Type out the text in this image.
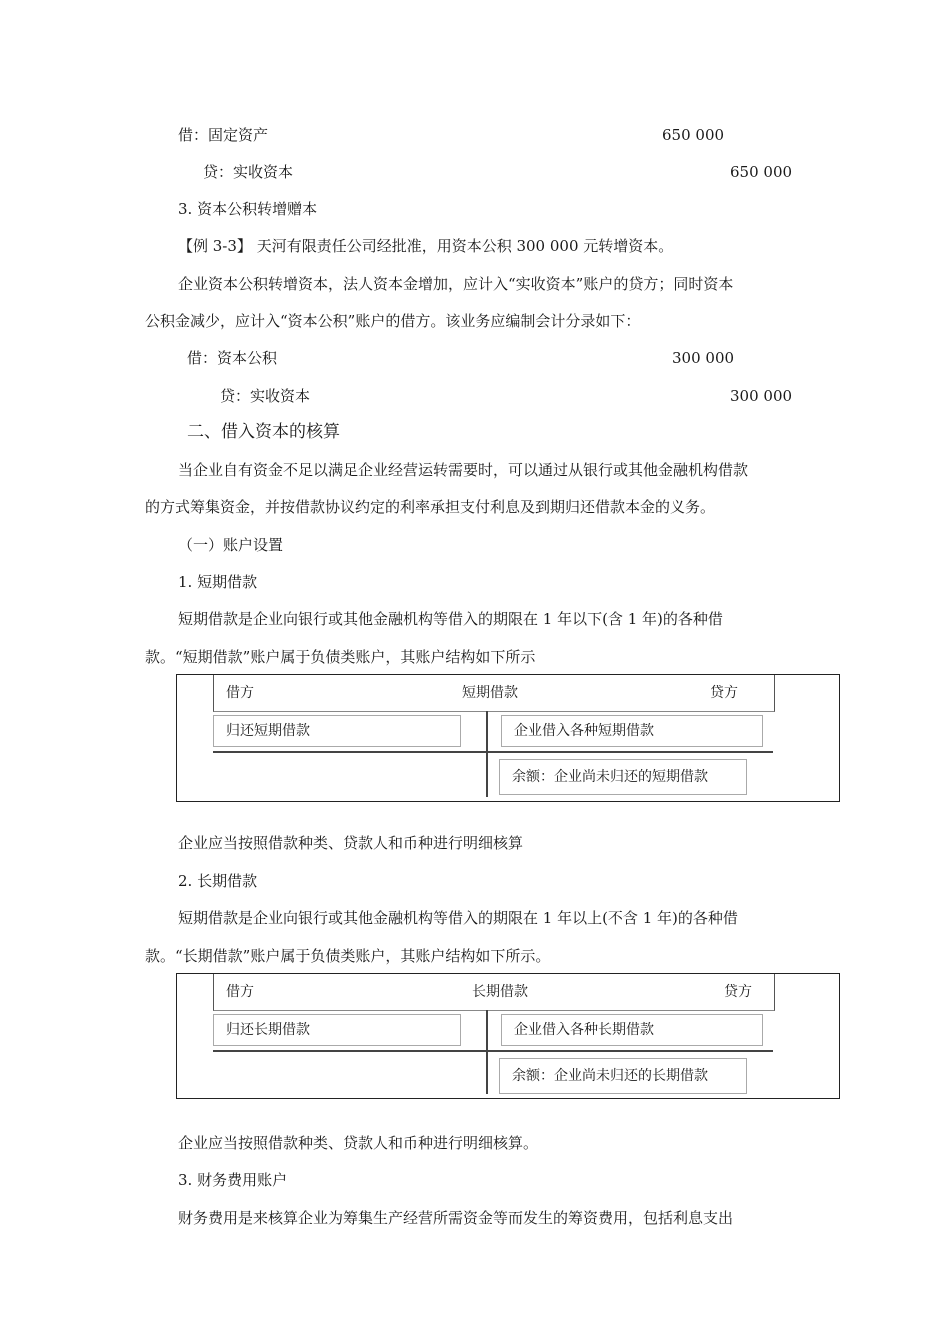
借：固定资产	650 000
贷：实收资本	650 000
3. 资本公积转增赠本
【例 3-3】 天河有限责任公司经批准，用资本公积 300 000 元转增资本。
企业资本公积转增资本，法人资本金增加，应计入“实收资本”账户的贷方；同时资本
公积金减少，应计入“资本公积”账户的借方。该业务应编制会计分录如下：
借：资本公积	300 000
贷：实收资本	300 000
二、借入资本的核算
当企业自有资金不足以满足企业经营运转需要时，可以通过从银行或其他金融机构借款
的方式筹集资金，并按借款协议约定的利率承担支付利息及到期归还借款本金的义务。
（一）账户设置
1. 短期借款
短期借款是企业向银行或其他金融机构等借入的期限在 1 年以下(含 1 年)的各种借
款。“短期借款”账户属于负债类账户，其账户结构如下所示
借方	短期借款	贷方
归还短期借款	企业借入各种短期借款
余额：企业尚未归还的短期借款
企业应当按照借款种类、贷款人和币种进行明细核算
2. 长期借款
短期借款是企业向银行或其他金融机构等借入的期限在 1 年以上(不含 1 年)的各种借
款。“长期借款”账户属于负债类账户，其账户结构如下所示。
借方	长期借款	贷方
归还长期借款	企业借入各种长期借款
余额：企业尚未归还的长期借款
企业应当按照借款种类、贷款人和币种进行明细核算。
3. 财务费用账户
财务费用是来核算企业为筹集生产经营所需资金等而发生的筹资费用，包括利息支出
